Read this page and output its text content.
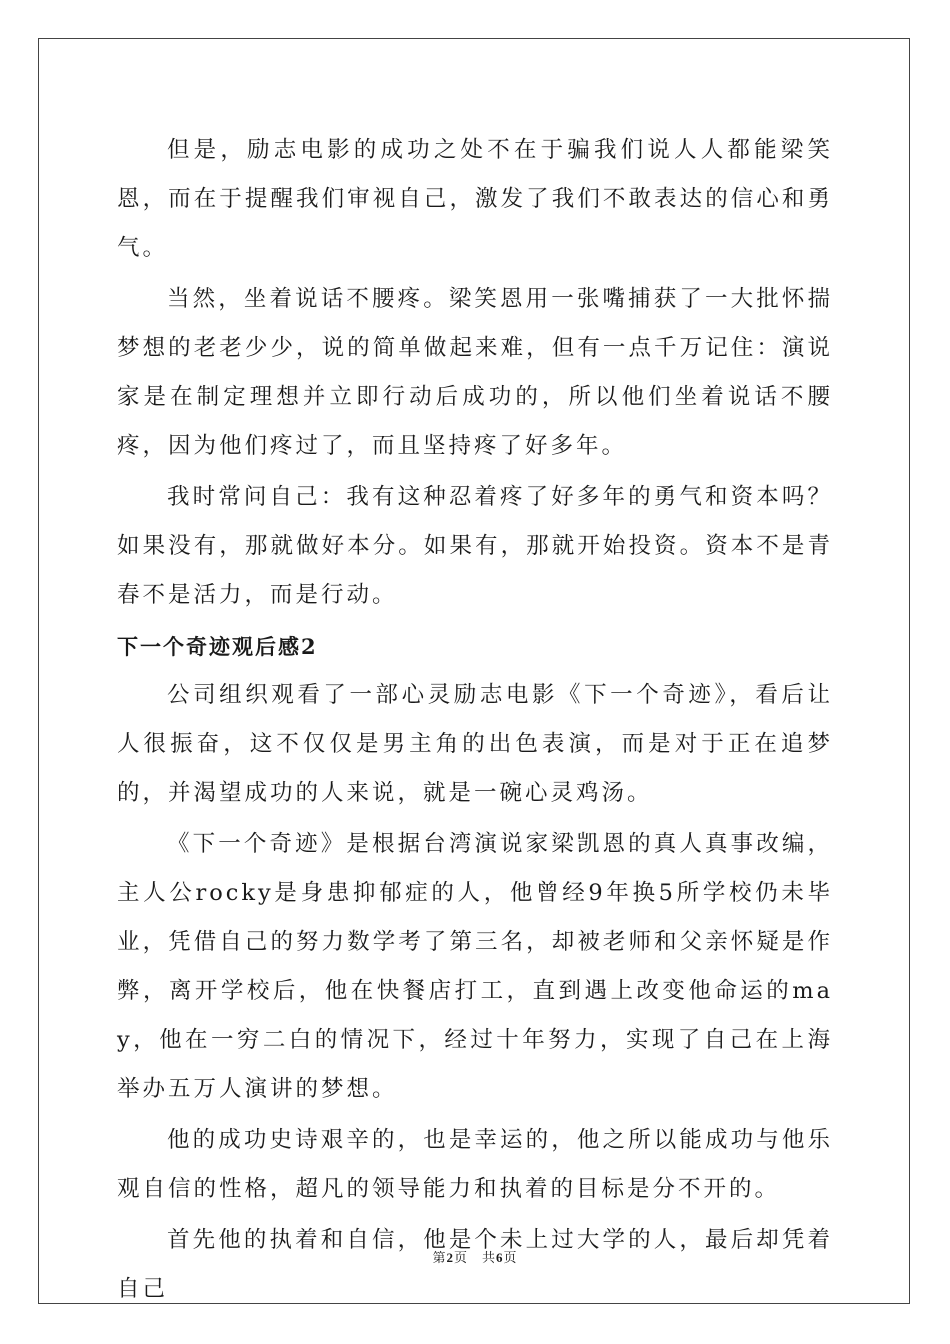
但是，励志电影的成功之处不在于骗我们说人人都能梁笑恩，而在于提醒我们审视自己，激发了我们不敢表达的信心和勇气。

当然，坐着说话不腰疼。梁笑恩用一张嘴捕获了一大批怀揣梦想的老老少少，说的简单做起来难，但有一点千万记住：演说家是在制定理想并立即行动后成功的，所以他们坐着说话不腰疼，因为他们疼过了，而且坚持疼了好多年。

我时常问自己：我有这种忍着疼了好多年的勇气和资本吗？如果没有，那就做好本分。如果有，那就开始投资。资本不是青春不是活力，而是行动。

下一个奇迹观后感2

公司组织观看了一部心灵励志电影《下一个奇迹》，看后让人很振奋，这不仅仅是男主角的出色表演，而是对于正在追梦的，并渴望成功的人来说，就是一碗心灵鸡汤。

《下一个奇迹》是根据台湾演说家梁凯恩的真人真事改编，主人公rocky是身患抑郁症的人，他曾经9年换5所学校仍未毕业，凭借自己的努力数学考了第三名，却被老师和父亲怀疑是作弊，离开学校后，他在快餐店打工，直到遇上改变他命运的may，他在一穷二白的情况下，经过十年努力，实现了自己在上海举办五万人演讲的梦想。

他的成功史诗艰辛的，也是幸运的，他之所以能成功与他乐观自信的性格，超凡的领导能力和执着的目标是分不开的。

首先他的执着和自信，他是个未上过大学的人，最后却凭着自己

第2页　共6页
